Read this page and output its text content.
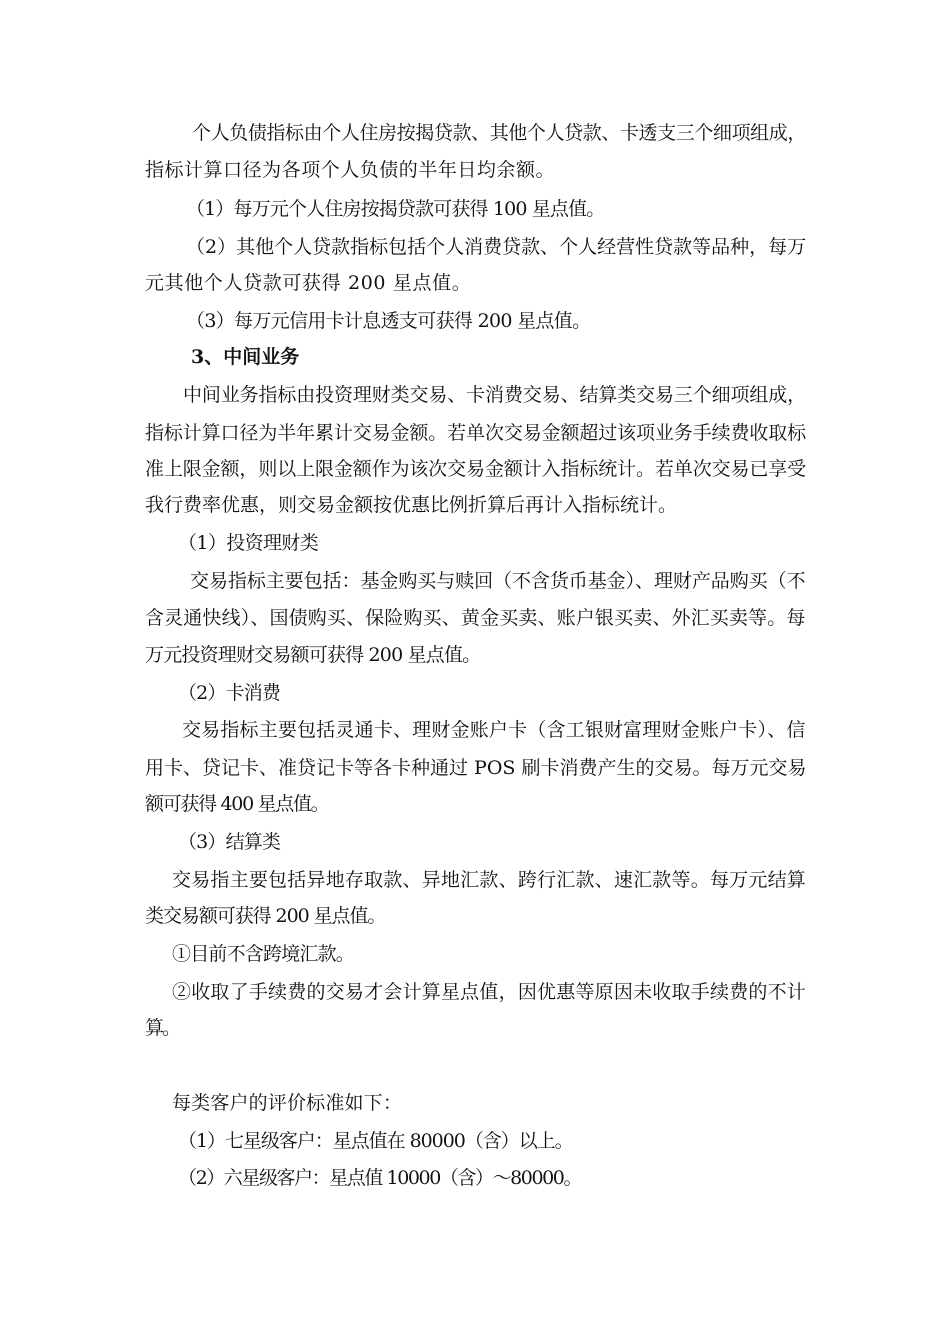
个人负债指标由个人住房按揭贷款、其他个人贷款、卡透支三个细项组成，
指标计算口径为各项个人负债的半年日均余额。
（1）每万元个人住房按揭贷款可获得 100 星点值。
（2）其他个人贷款指标包括个人消费贷款、个人经营性贷款等品种，每万
元其他个人贷款可获得 200 星点值。
（3）每万元信用卡计息透支可获得 200 星点值。
3、中间业务
中间业务指标由投资理财类交易、卡消费交易、结算类交易三个细项组成，
指标计算口径为半年累计交易金额。若单次交易金额超过该项业务手续费收取标
准上限金额，则以上限金额作为该次交易金额计入指标统计。若单次交易已享受
我行费率优惠，则交易金额按优惠比例折算后再计入指标统计。
（1）投资理财类
交易指标主要包括：基金购买与赎回（不含货币基金）、理财产品购买（不
含灵通快线）、国债购买、保险购买、黄金买卖、账户银买卖、外汇买卖等。每
万元投资理财交易额可获得 200 星点值。
（2）卡消费
交易指标主要包括灵通卡、理财金账户卡（含工银财富理财金账户卡）、信
用卡、贷记卡、准贷记卡等各卡种通过 POS 刷卡消费产生的交易。每万元交易
额可获得 400 星点值。
（3）结算类
交易指主要包括异地存取款、异地汇款、跨行汇款、速汇款等。每万元结算
类交易额可获得 200 星点值。
①目前不含跨境汇款。
②收取了手续费的交易才会计算星点值，因优惠等原因未收取手续费的不计
算。
每类客户的评价标准如下：
（1）七星级客户：星点值在 80000（含）以上。
（2）六星级客户：星点值 10000（含）～80000。
